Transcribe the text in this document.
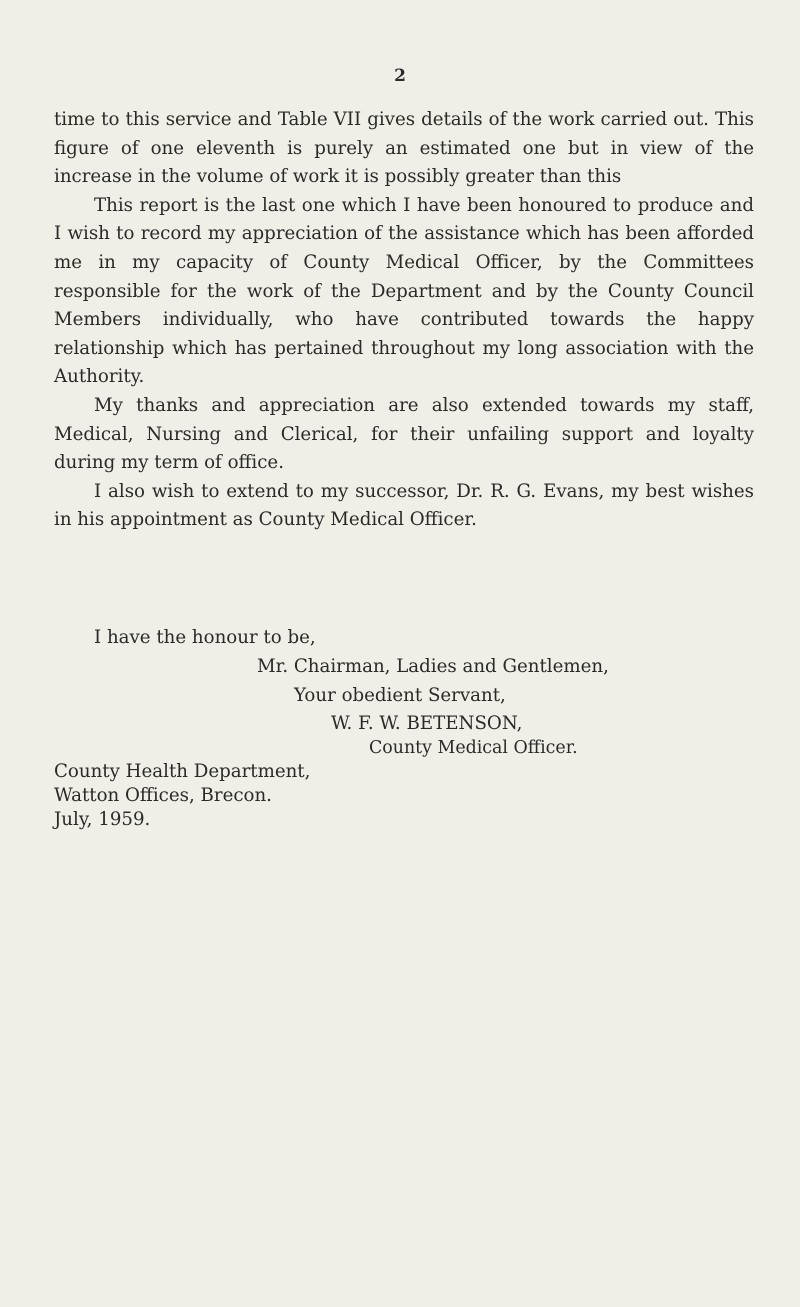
2

time to this service and Table VII gives details of the work carried out. This figure of one eleventh is purely an estimated one but in view of the increase in the volume of work it is possibly greater than this

This report is the last one which I have been honoured to produce and I wish to record my appreciation of the assistance which has been afforded me in my capacity of County Medical Officer, by the Committees responsible for the work of the Department and by the County Council Members individually, who have contributed towards the happy relationship which has pertained throughout my long association with the Authority.

My thanks and appreciation are also extended towards my staff, Medical, Nursing and Clerical, for their unfailing support and loyalty during my term of office.

I also wish to extend to my successor, Dr. R. G. Evans, my best wishes in his appointment as County Medical Officer.

I have the honour to be,
Mr. Chairman, Ladies and Gentlemen,
Your obedient Servant,
W. F. W. BETENSON,
County Medical Officer.
County Health Department,
Watton Offices, Brecon.
July, 1959.
